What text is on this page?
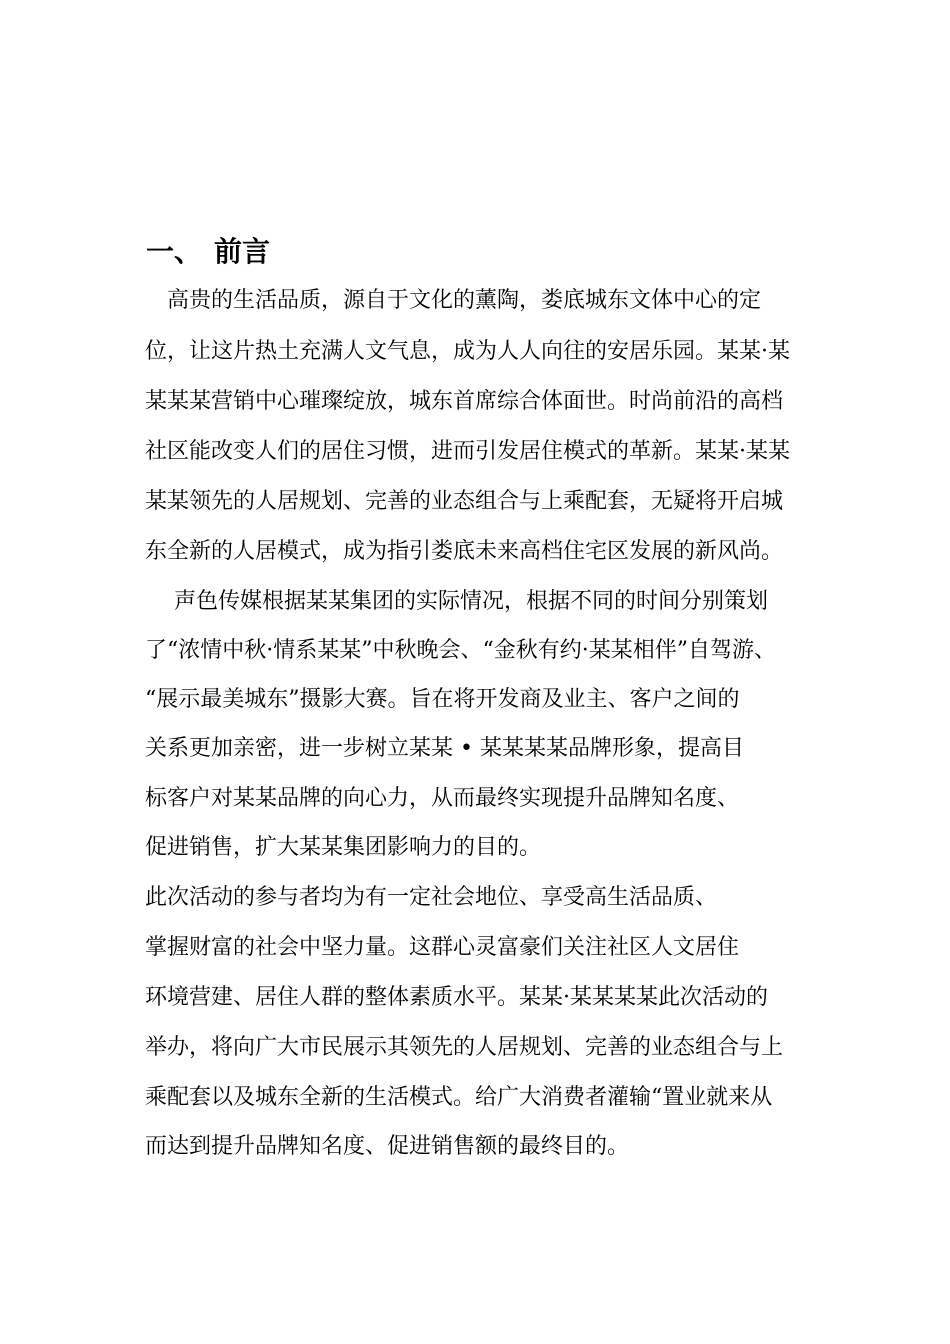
一、 前言
　高贵的生活品质，源自于文化的薰陶，娄底城东文体中心的定
位，让这片热土充满人文气息，成为人人向往的安居乐园。某某·某
某某某营销中心璀璨绽放，城东首席综合体面世。时尚前沿的高档
社区能改变人们的居住习惯，进而引发居住模式的革新。某某·某某
某某领先的人居规划、完善的业态组合与上乘配套，无疑将开启城
东全新的人居模式，成为指引娄底未来高档住宅区发展的新风尚。
　 声色传媒根据某某集团的实际情况，根据不同的时间分别策划
了“浓情中秋·情系某某”中秋晚会、“金秋有约·某某相伴”自驾游、
“展示最美城东”摄影大赛。旨在将开发商及业主、客户之间的
关系更加亲密，进一步树立某某 • 某某某某品牌形象，提高目
标客户对某某品牌的向心力，从而最终实现提升品牌知名度、
促进销售，扩大某某集团影响力的目的。
此次活动的参与者均为有一定社会地位、享受高生活品质、
掌握财富的社会中坚力量。这群心灵富豪们关注社区人文居住
环境营建、居住人群的整体素质水平。某某·某某某某此次活动的
举办，将向广大市民展示其领先的人居规划、完善的业态组合与上
乘配套以及城东全新的生活模式。给广大消费者灌输“置业就来从
而达到提升品牌知名度、促进销售额的最终目的。
